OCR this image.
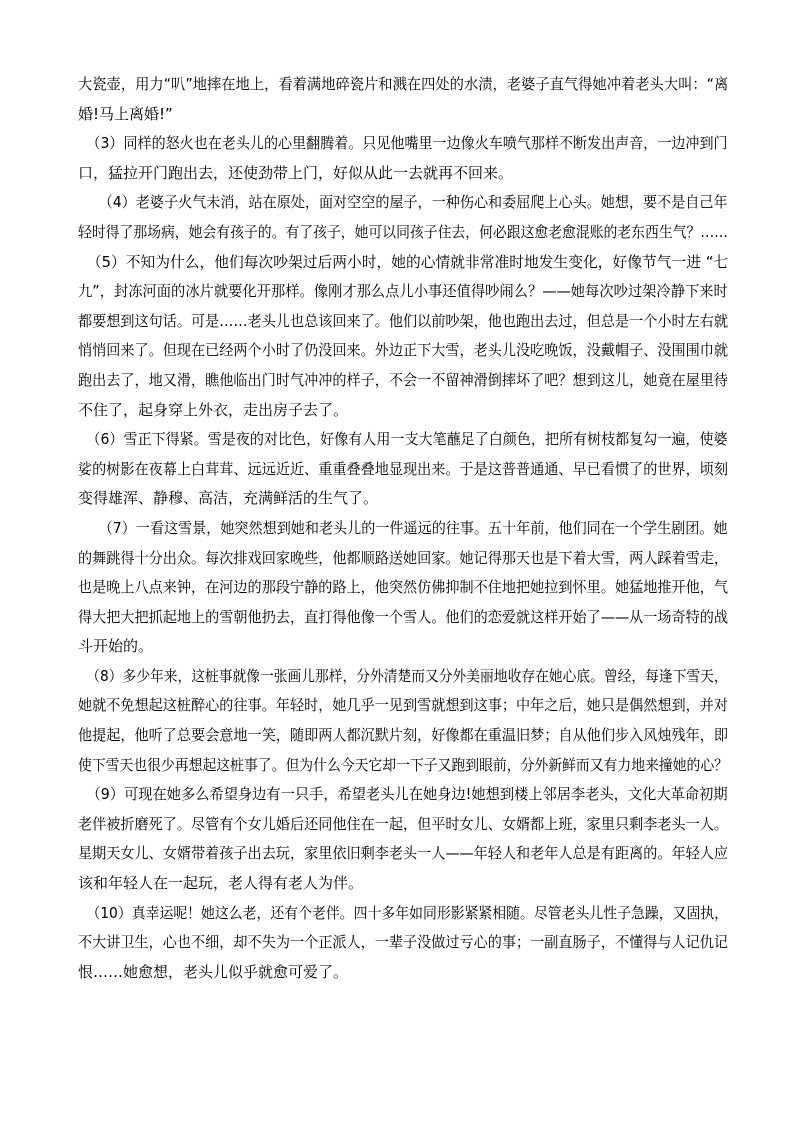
大瓷壶，用力“叭”地摔在地上，看着满地碎瓷片和溅在四处的水渍，老婆子直气得她冲着老头大叫：“离
婚!马上离婚!”
（3）同样的怒火也在老头儿的心里翻腾着。只见他嘴里一边像火车喷气那样不断发出声音，一边冲到门
口，猛拉开门跑出去，还使劲带上门，好似从此一去就再不回来。
（4）老婆子火气未消，站在原处，面对空空的屋子，一种伤心和委屈爬上心头。她想，要不是自己年
轻时得了那场病，她会有孩子的。有了孩子，她可以同孩子住去，何必跟这愈老愈混账的老东西生气？……
（5）不知为什么，他们每次吵架过后两小时，她的心情就非常准时地发生变化，好像节气一进 “七
九”，封冻河面的冰片就要化开那样。像刚才那么点儿小事还值得吵闹么？——她每次吵过架冷静下来时
都要想到这句话。可是……老头儿也总该回来了。他们以前吵架，他也跑出去过，但总是一个小时左右就
悄悄回来了。但现在已经两个小时了仍没回来。外边正下大雪，老头儿没吃晚饭，没戴帽子、没围围巾就
跑出去了，地又滑，瞧他临出门时气冲冲的样子，不会一不留神滑倒摔坏了吧？想到这儿，她竟在屋里待
不住了，起身穿上外衣，走出房子去了。
（6）雪正下得紧。雪是夜的对比色，好像有人用一支大笔蘸足了白颜色，把所有树枝都复勾一遍，使婆
娑的树影在夜幕上白茸茸、远远近近、重重叠叠地显现出来。于是这普普通通、早已看惯了的世界，顷刻
变得雄浑、静穆、高洁，充满鲜活的生气了。
（7）一看这雪景，她突然想到她和老头儿的一件遥远的往事。五十年前，他们同在一个学生剧团。她
的舞跳得十分出众。每次排戏回家晚些，他都顺路送她回家。她记得那天也是下着大雪，两人踩着雪走，
也是晚上八点来钟，在河边的那段宁静的路上，他突然仿佛抑制不住地把她拉到怀里。她猛地推开他，气
得大把大把抓起地上的雪朝他扔去，直打得他像一个雪人。他们的恋爱就这样开始了——从一场奇特的战
斗开始的。
（8）多少年来，这桩事就像一张画儿那样，分外清楚而又分外美丽地收存在她心底。曾经，每逢下雪天，
她就不免想起这桩醉心的往事。年轻时，她几乎一见到雪就想到这事；中年之后，她只是偶然想到，并对
他提起，他听了总要会意地一笑，随即两人都沉默片刻，好像都在重温旧梦；自从他们步入风烛残年，即
使下雪天也很少再想起这桩事了。但为什么今天它却一下子又跑到眼前，分外新鲜而又有力地来撞她的心？
（9）可现在她多么希望身边有一只手，希望老头儿在她身边!她想到楼上邻居李老头，文化大革命初期
老伴被折磨死了。尽管有个女儿婚后还同他住在一起，但平时女儿、女婿都上班，家里只剩李老头一人。
星期天女儿、女婿带着孩子出去玩，家里依旧剩李老头一人——年轻人和老年人总是有距离的。年轻人应
该和年轻人在一起玩，老人得有老人为伴。
（10）真幸运呢！她这么老，还有个老伴。四十多年如同形影紧紧相随。尽管老头儿性子急躁，又固执，
不大讲卫生，心也不细，却不失为一个正派人，一辈子没做过亏心的事；一副直肠子，不懂得与人记仇记
恨……她愈想，老头儿似乎就愈可爱了。
